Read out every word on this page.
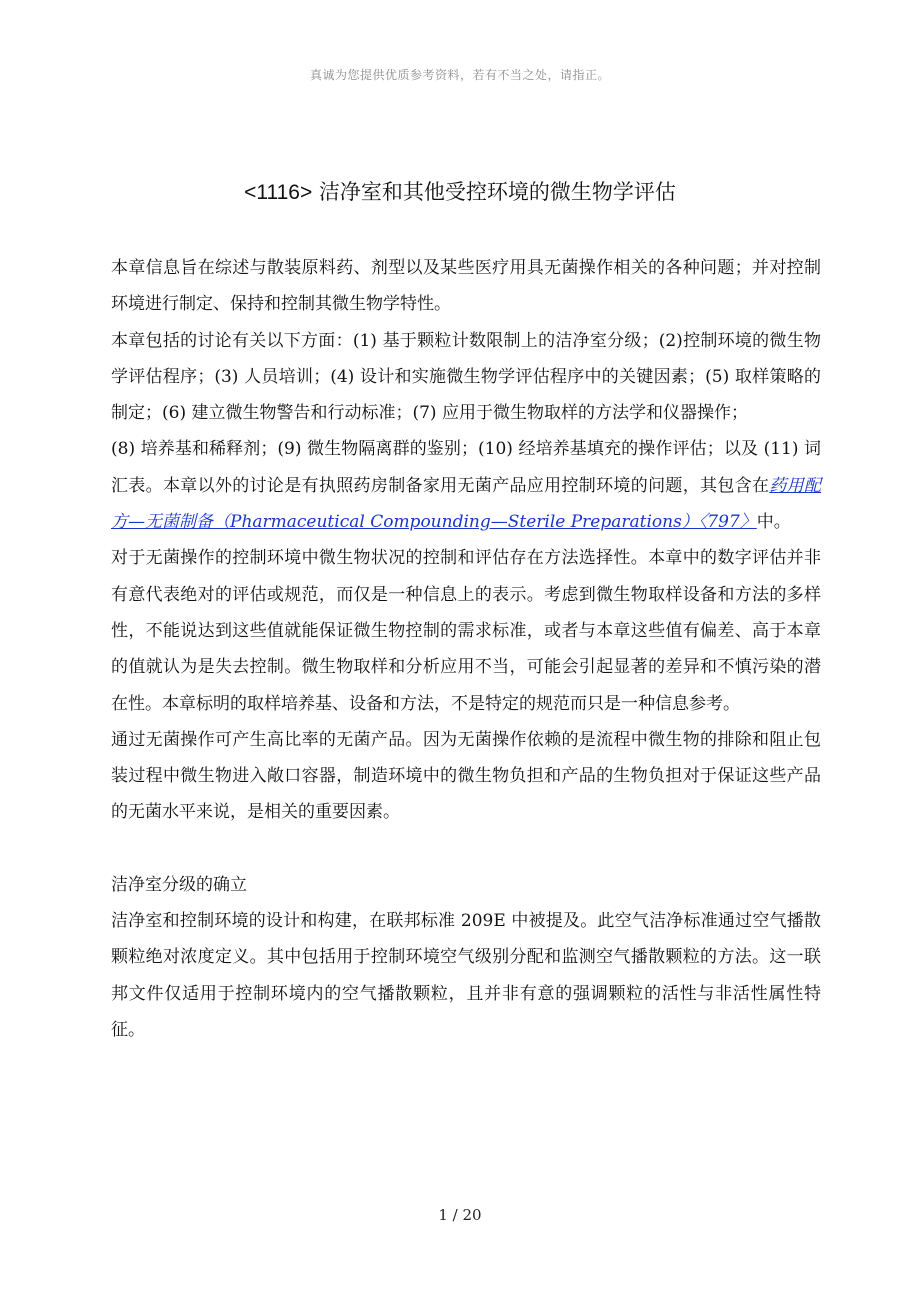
真诚为您提供优质参考资料，若有不当之处，请指正。
<1116> 洁净室和其他受控环境的微生物学评估

本章信息旨在综述与散装原料药、剂型以及某些医疗用具无菌操作相关的各种问题；并对控制环境进行制定、保持和控制其微生物学特性。

本章包括的讨论有关以下方面：(1) 基于颗粒计数限制上的洁净室分级；(2)控制环境的微生物学评估程序；(3) 人员培训；(4) 设计和实施微生物学评估程序中的关键因素；(5) 取样策略的制定；(6) 建立微生物警告和行动标准；(7) 应用于微生物取样的方法学和仪器操作；

(8) 培养基和稀释剂；(9) 微生物隔离群的鉴别；(10) 经培养基填充的操作评估；以及 (11) 词汇表。本章以外的讨论是有执照药房制备家用无菌产品应用控制环境的问题，其包含在药用配方—无菌制备（Pharmaceutical Compounding—Sterile Preparations）〈797〉中。

对于无菌操作的控制环境中微生物状况的控制和评估存在方法选择性。本章中的数字评估并非有意代表绝对的评估或规范，而仅是一种信息上的表示。考虑到微生物取样设备和方法的多样性，不能说达到这些值就能保证微生物控制的需求标准，或者与本章这些值有偏差、高于本章的值就认为是失去控制。微生物取样和分析应用不当，可能会引起显著的差异和不慎污染的潜在性。本章标明的取样培养基、设备和方法，不是特定的规范而只是一种信息参考。

通过无菌操作可产生高比率的无菌产品。因为无菌操作依赖的是流程中微生物的排除和阻止包装过程中微生物进入敞口容器，制造环境中的微生物负担和产品的生物负担对于保证这些产品的无菌水平来说，是相关的重要因素。

洁净室分级的确立

洁净室和控制环境的设计和构建，在联邦标准 209E 中被提及。此空气洁净标准通过空气播散颗粒绝对浓度定义。其中包括用于控制环境空气级别分配和监测空气播散颗粒的方法。这一联邦文件仅适用于控制环境内的空气播散颗粒，且并非有意的强调颗粒的活性与非活性属性特征。

1 / 20
